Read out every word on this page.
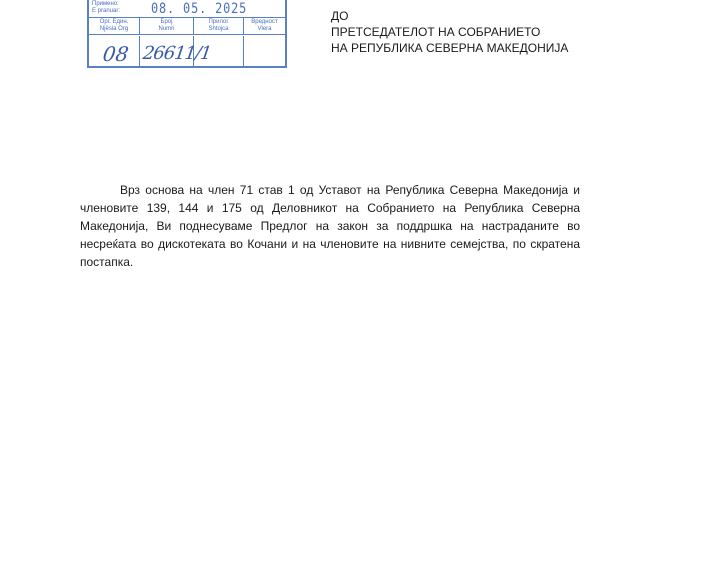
Примено:
E pranuar:	08. 05. 2025
Орг. Един.
Njësia Org
Број
Numri
Прилог
Shtojca
Вредност
Vlera
08 26611/1
ДО
ПРЕТСЕДАТЕЛОТ НА СОБРАНИЕТО
НА РЕПУБЛИКА СЕВЕРНА МАКЕДОНИЈА
Врз основа на член 71 став 1 од Уставот на Република Северна Македонија и членовите 139, 144 и 175 од Деловникот на Собранието на Република Северна Македонија, Ви поднесуваме Предлог на закон за поддршка на настраданите во несреќата во дискотеката во Кочани и на членовите на нивните семејства, по скратена постапка.
